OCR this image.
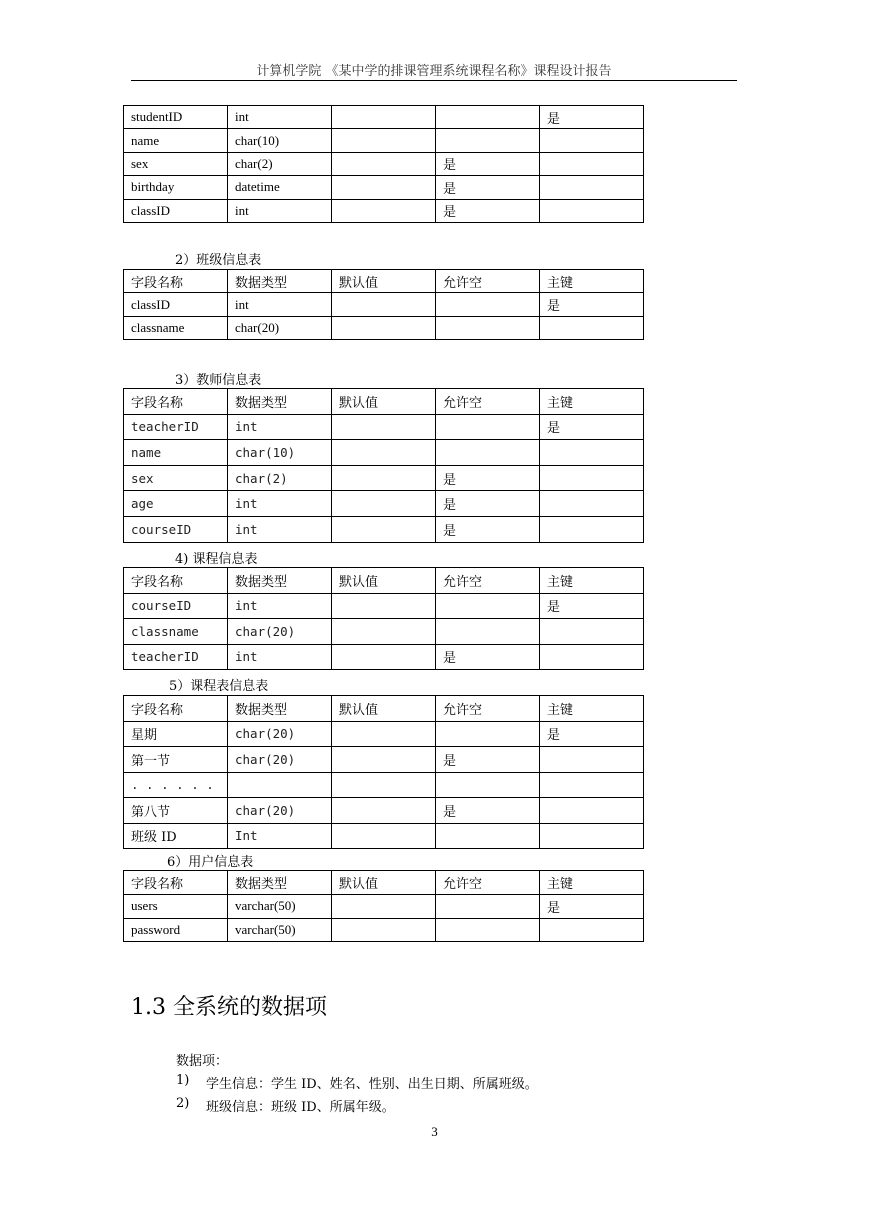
计算机学院 《某中学的排课管理系统课程名称》课程设计报告
studentID	int			是
name	char(10)			
sex	char(2)		是	
birthday	datetime		是	
classID	int		是	
2）班级信息表
字段名称	数据类型	默认值	允许空	主键
classID	int			是
classname	char(20)			
3）教师信息表
字段名称	数据类型	默认值	允许空	主键
teacherID	int			是
name	char(10)			
sex	char(2)		是	
age	int		是	
courseID	int		是	
4) 课程信息表
字段名称	数据类型	默认值	允许空	主键
courseID	int			是
classname	char(20)			
teacherID	int		是	
5）课程表信息表
字段名称	数据类型	默认值	允许空	主键
星期	char(20)			是
第一节	char(20)		是	
. . . . . .				
第八节	char(20)		是	
班级 ID	Int			
6）用户信息表
字段名称	数据类型	默认值	允许空	主键
users	varchar(50)			是
password	varchar(50)			
1.3 全系统的数据项
数据项：
1) 学生信息：学生 ID、姓名、性别、出生日期、所属班级。
2) 班级信息：班级 ID、所属年级。
3
